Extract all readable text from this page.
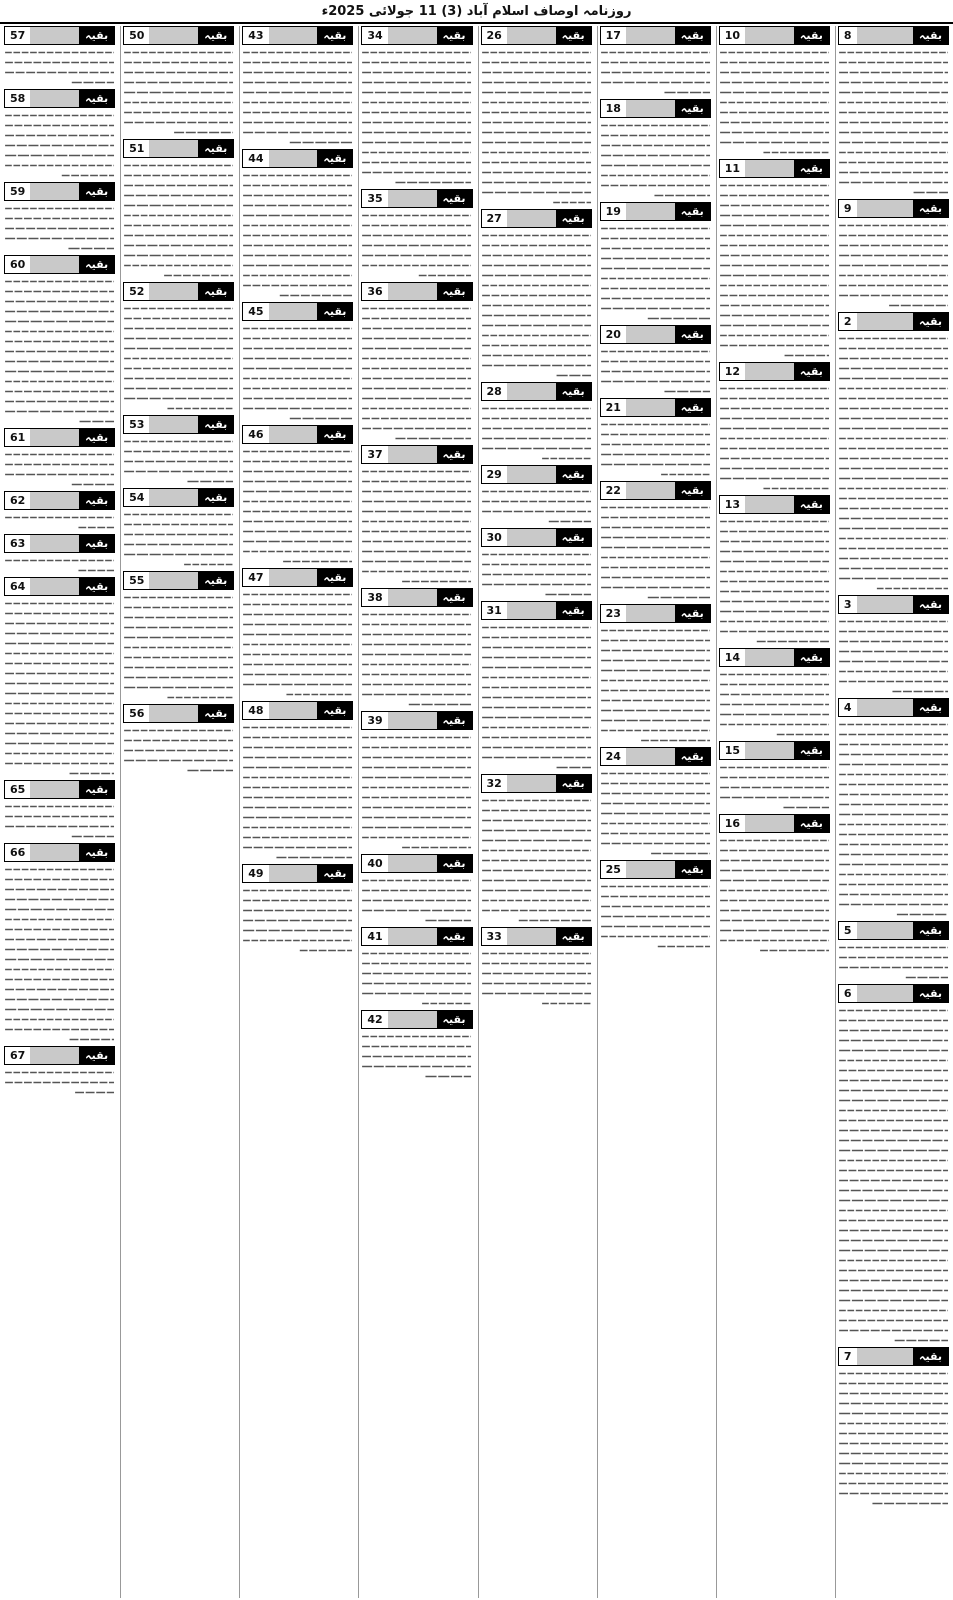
روزنامہ اوصاف اسلام آباد (3) 11 جولائی 2025ء
بقیہ
8
بقیہ
9
بقیہ
2
بقیہ
3
بقیہ
4
بقیہ
5
بقیہ
6
بقیہ
7
بقیہ
10
بقیہ
11
بقیہ
12
بقیہ
13
بقیہ
14
بقیہ
15
بقیہ
16
بقیہ
17
بقیہ
18
بقیہ
19
بقیہ
20
بقیہ
21
بقیہ
22
بقیہ
23
بقیہ
24
بقیہ
25
بقیہ
26
بقیہ
27
بقیہ
28
بقیہ
29
بقیہ
30
بقیہ
31
بقیہ
32
بقیہ
33
بقیہ
34
بقیہ
35
بقیہ
36
بقیہ
37
بقیہ
38
بقیہ
39
بقیہ
40
بقیہ
41
بقیہ
42
بقیہ
43
بقیہ
44
بقیہ
45
بقیہ
46
بقیہ
47
بقیہ
48
بقیہ
49
بقیہ
50
بقیہ
51
بقیہ
52
بقیہ
53
بقیہ
54
بقیہ
55
بقیہ
56
بقیہ
57
بقیہ
58
بقیہ
59
بقیہ
60
بقیہ
61
بقیہ
62
بقیہ
63
بقیہ
64
بقیہ
65
بقیہ
66
بقیہ
67
